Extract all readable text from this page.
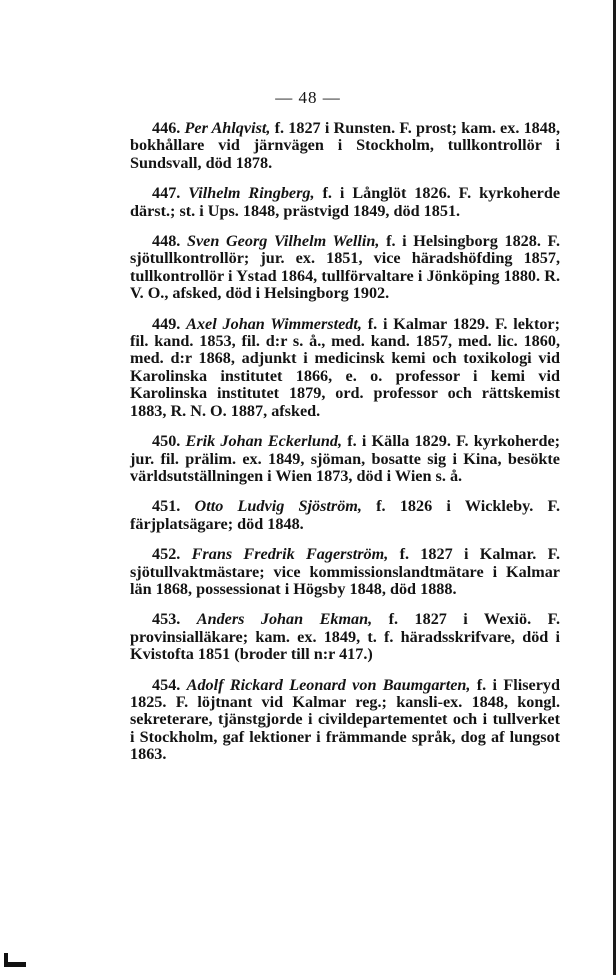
— 48 —

446. Per Ahlqvist, f. 1827 i Runsten. F. prost; kam. ex. 1848, bokhållare vid järnvägen i Stockholm, tullkontrollör i Sundsvall, död 1878.

447. Vilhelm Ringberg, f. i Långlöt 1826. F. kyrkoherde därst.; st. i Ups. 1848, prästvigd 1849, död 1851.

448. Sven Georg Vilhelm Wellin, f. i Helsingborg 1828. F. sjötullkontrollör; jur. ex. 1851, vice häradshöfding 1857, tullkontrollör i Ystad 1864, tullförvaltare i Jönköping 1880. R. V. O., afsked, död i Helsingborg 1902.

449. Axel Johan Wimmerstedt, f. i Kalmar 1829. F. lektor; fil. kand. 1853, fil. d:r s. å., med. kand. 1857, med. lic. 1860, med. d:r 1868, adjunkt i medicinsk kemi och toxikologi vid Karolinska institutet 1866, e. o. professor i kemi vid Karolinska institutet 1879, ord. professor och rättskemist 1883, R. N. O. 1887, afsked.

450. Erik Johan Eckerlund, f. i Källa 1829. F. kyrkoherde; jur. fil. prälim. ex. 1849, sjöman, bosatte sig i Kina, besökte världsutställningen i Wien 1873, död i Wien s. å.

451. Otto Ludvig Sjöström, f. 1826 i Wickleby. F. färjplatsägare; död 1848.

452. Frans Fredrik Fagerström, f. 1827 i Kalmar. F. sjötullvaktmästare; vice kommissionslandtmätare i Kalmar län 1868, possessionat i Högsby 1848, död 1888.

453. Anders Johan Ekman, f. 1827 i Wexiö. F. provinsialläkare; kam. ex. 1849, t. f. häradsskrifvare, död i Kvistofta 1851 (broder till n:r 417.)

454. Adolf Rickard Leonard von Baumgarten, f. i Fliseryd 1825. F. löjtnant vid Kalmar reg.; kansli-ex. 1848, kongl. sekreterare, tjänstgjorde i civildepartementet och i tullverket i Stockholm, gaf lektioner i främmande språk, dog af lungsot 1863.
